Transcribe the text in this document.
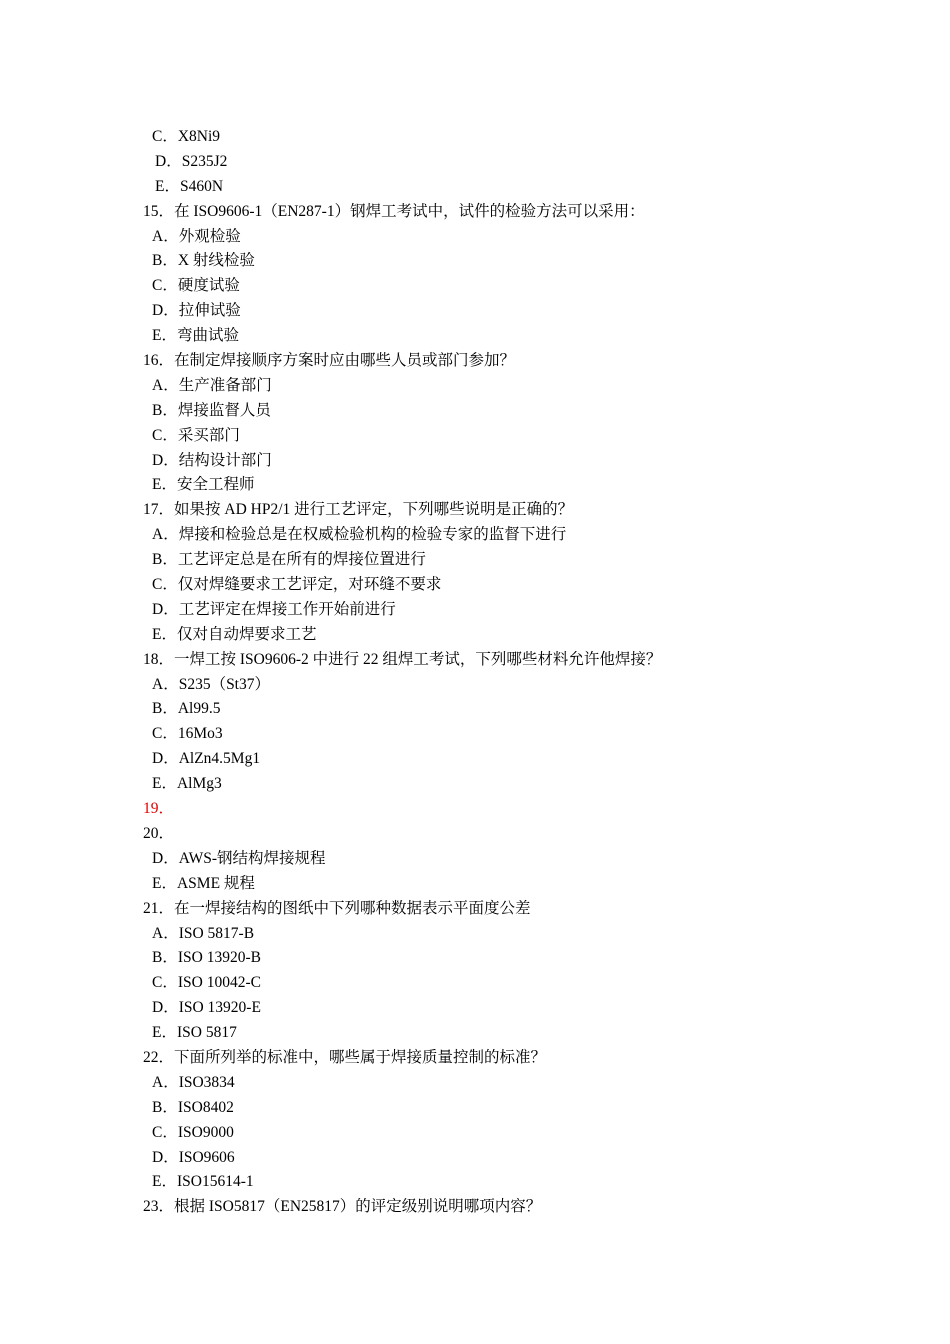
C．X8Ni9
D．S235J2
E．S460N
15．在 ISO9606-1（EN287-1）钢焊工考试中，试件的检验方法可以采用：
A．外观检验
B．X 射线检验
C．硬度试验
D．拉伸试验
E．弯曲试验
16．在制定焊接顺序方案时应由哪些人员或部门参加？
A．生产准备部门
B．焊接监督人员
C．采买部门
D．结构设计部门
E．安全工程师
17．如果按 AD HP2/1 进行工艺评定，下列哪些说明是正确的？
A．焊接和检验总是在权威检验机构的检验专家的监督下进行
B．工艺评定总是在所有的焊接位置进行
C．仅对焊缝要求工艺评定，对环缝不要求
D．工艺评定在焊接工作开始前进行
E．仅对自动焊要求工艺
18．一焊工按 ISO9606-2 中进行 22 组焊工考试，下列哪些材料允许他焊接？
A．S235（St37）
B．Al99.5
C．16Mo3
D．AlZn4.5Mg1
E．AlMg3
19．
20．
D．AWS-钢结构焊接规程
E．ASME 规程
21．在一焊接结构的图纸中下列哪种数据表示平面度公差
A．ISO 5817-B
B．ISO 13920-B
C．ISO 10042-C
D．ISO 13920-E
E．ISO 5817
22．下面所列举的标准中，哪些属于焊接质量控制的标准？
A．ISO3834
B．ISO8402
C．ISO9000
D．ISO9606
E．ISO15614-1
23．根据 ISO5817（EN25817）的评定级别说明哪项内容？
